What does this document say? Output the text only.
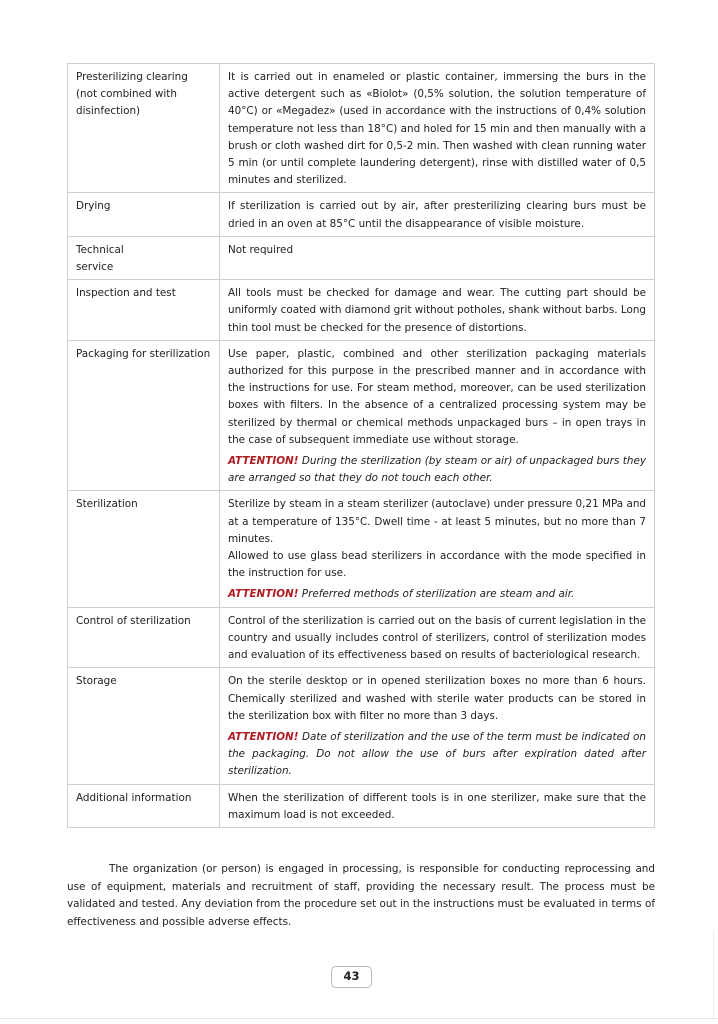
Presterilizing clearing (not combined with disinfection)	It is carried out in enameled or plastic container, immersing the burs in the active detergent such as «Biolot» (0,5% solution, the solution temperature of 40°C) or «Megadez» (used in accordance with the instructions of 0,4% solution temperature not less than 18°C) and holed for 15 min and then manually with a brush or cloth washed dirt for 0,5-2 min. Then washed with clean running water 5 min (or until complete laundering detergent), rinse with distilled water of 0,5 minutes and sterilized.

Drying	If sterilization is carried out by air, after presterilizing clearing burs must be dried in an oven at 85°C until the disappearance of visible moisture.

Technical service	Not required

Inspection and test	All tools must be checked for damage and wear. The cutting part should be uniformly coated with diamond grit without potholes, shank without barbs. Long thin tool must be checked for the presence of distortions.

Packaging for sterilization	Use paper, plastic, combined and other sterilization packaging materials authorized for this purpose in the prescribed manner and in accordance with the instructions for use. For steam method, moreover, can be used sterilization boxes with filters. In the absence of a centralized processing system may be sterilized by thermal or chemical methods unpackaged burs – in open trays in the case of subsequent immediate use without storage.

ATTENTION! During the sterilization (by steam or air) of unpackaged burs they are arranged so that they do not touch each other.

Sterilization	Sterilize by steam in a steam sterilizer (autoclave) under pressure 0,21 MPa and at a temperature of 135°C. Dwell time - at least 5 minutes, but no more than 7 minutes.

Allowed to use glass bead sterilizers in accordance with the mode specified in the instruction for use.

ATTENTION! Preferred methods of sterilization are steam and air.

Control of sterilization	Control of the sterilization is carried out on the basis of current legislation in the country and usually includes control of sterilizers, control of sterilization modes and evaluation of its effectiveness based on results of bacteriological research.

Storage	On the sterile desktop or in opened sterilization boxes no more than 6 hours. Chemically sterilized and washed with sterile water products can be stored in the sterilization box with filter no more than 3 days.

ATTENTION! Date of sterilization and the use of the term must be indicated on the packaging. Do not allow the use of burs after expiration dated after sterilization.

Additional information	When the sterilization of different tools is in one sterilizer, make sure that the maximum load is not exceeded.

The organization (or person) is engaged in processing, is responsible for conducting reprocessing and use of equipment, materials and recruitment of staff, providing the necessary result. The process must be validated and tested. Any deviation from the procedure set out in the instructions must be evaluated in terms of effectiveness and possible adverse effects.

43
